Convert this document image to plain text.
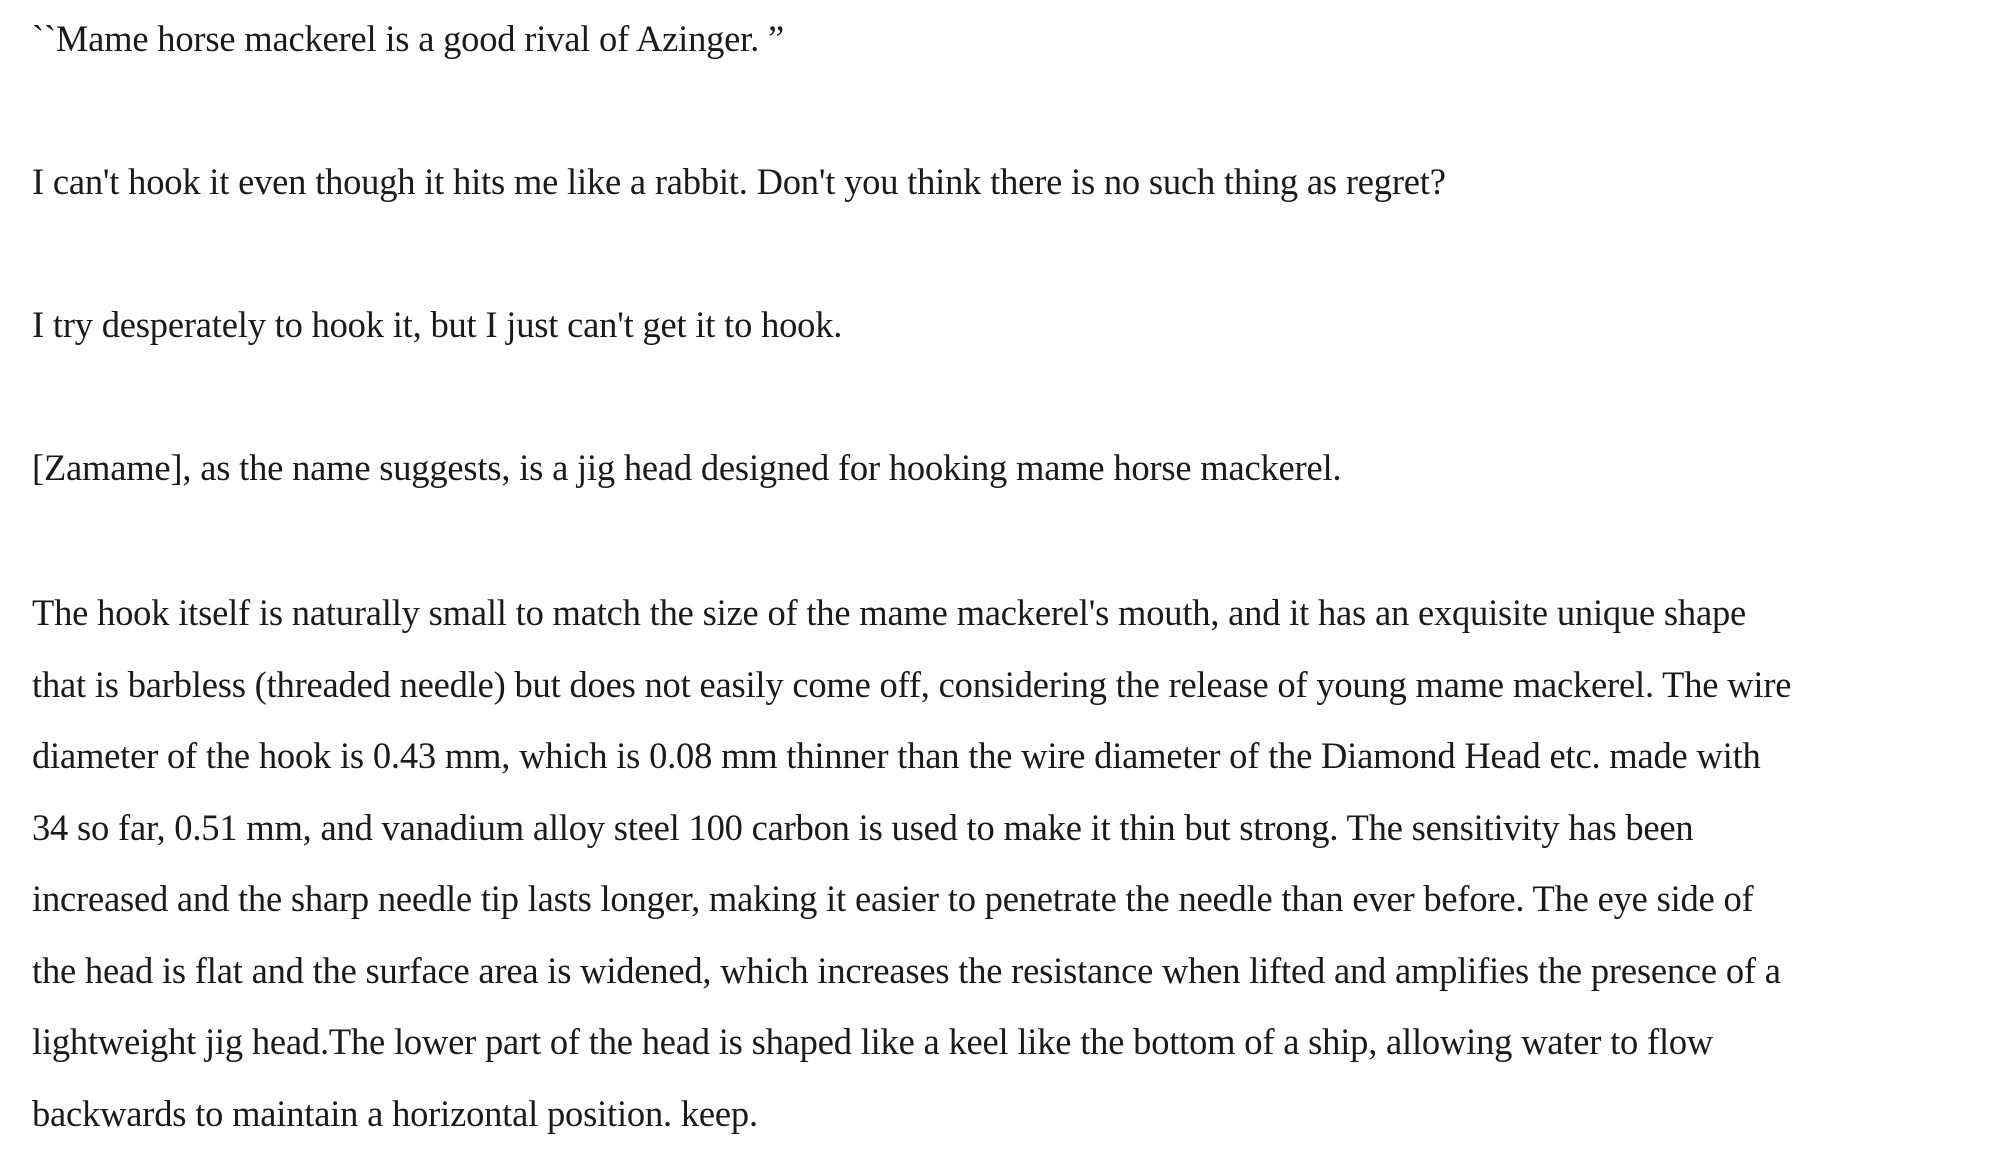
``Mame horse mackerel is a good rival of Azinger. ”

I can't hook it even though it hits me like a rabbit. Don't you think there is no such thing as regret?

I try desperately to hook it, but I just can't get it to hook.

[Zamame], as the name suggests, is a jig head designed for hooking mame horse mackerel.

The hook itself is naturally small to match the size of the mame mackerel's mouth, and it has an exquisite unique shape
that is barbless (threaded needle) but does not easily come off, considering the release of young mame mackerel. The wire
diameter of the hook is 0.43 mm, which is 0.08 mm thinner than the wire diameter of the Diamond Head etc. made with
34 so far, 0.51 mm, and vanadium alloy steel 100 carbon is used to make it thin but strong. The sensitivity has been
increased and the sharp needle tip lasts longer, making it easier to penetrate the needle than ever before. The eye side of
the head is flat and the surface area is widened, which increases the resistance when lifted and amplifies the presence of a
lightweight jig head.The lower part of the head is shaped like a keel like the bottom of a ship, allowing water to flow
backwards to maintain a horizontal position. keep.
